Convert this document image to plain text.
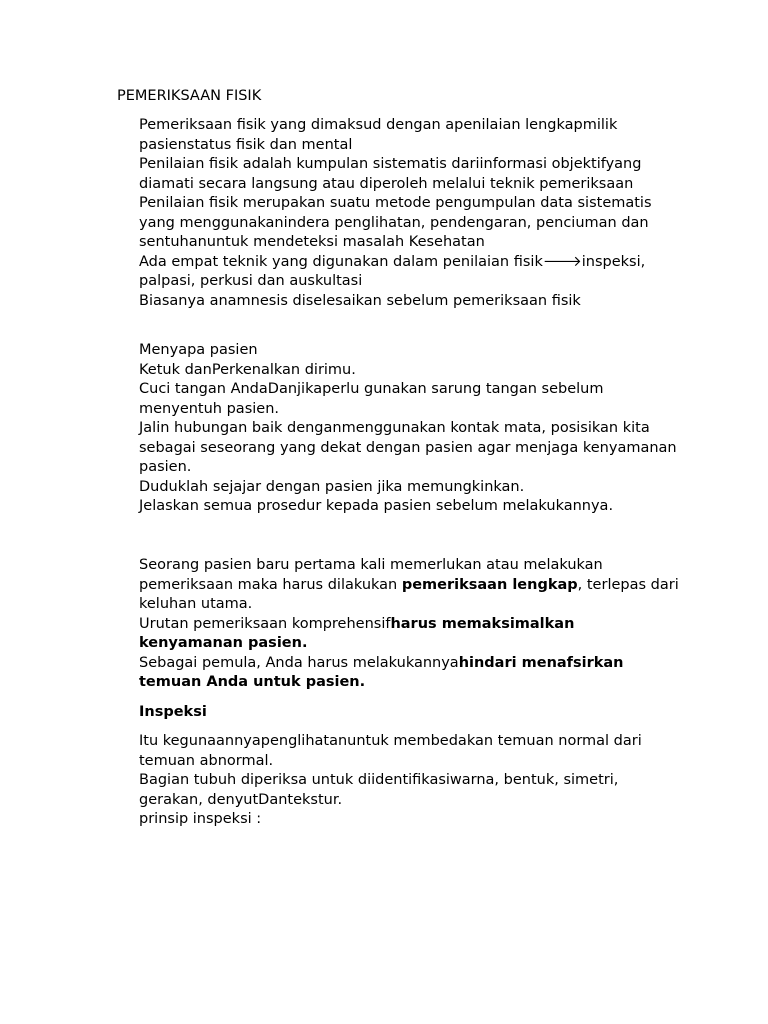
PEMERIKSAAN FISIK
Pemeriksaan fisik yang dimaksud dengan apenilaian lengkapmilik pasienstatus fisik dan mental
Penilaian fisik adalah kumpulan sistematis dariinformasi objektifyang diamati secara langsung atau diperoleh melalui teknik pemeriksaan
Penilaian fisik merupakan suatu metode pengumpulan data sistematis yang menggunakanindera penglihatan, pendengaran, penciuman dan sentuhanuntuk mendeteksi masalah Kesehatan
Ada empat teknik yang digunakan dalam penilaian fisik🡒inspeksi, palpasi, perkusi dan auskultasi
Biasanya anamnesis diselesaikan sebelum pemeriksaan fisik
Menyapa pasien
Ketuk danPerkenalkan dirimu.
Cuci tangan AndaDanjikaperlu gunakan sarung tangan sebelum menyentuh pasien.
Jalin hubungan baik denganmenggunakan kontak mata, posisikan kita sebagai seseorang yang dekat dengan pasien agar menjaga kenyamanan pasien.
Duduklah sejajar dengan pasien jika memungkinkan.
Jelaskan semua prosedur kepada pasien sebelum melakukannya.
Seorang pasien baru pertama kali memerlukan atau melakukan pemeriksaan maka harus dilakukan pemeriksaan lengkap, terlepas dari keluhan utama.
Urutan pemeriksaan komprehensifharus memaksimalkan kenyamanan pasien.
Sebagai pemula, Anda harus melakukannyahindari menafsirkan temuan Anda untuk pasien.
Inspeksi
Itu kegunaannyapenglihatanuntuk membedakan temuan normal dari temuan abnormal.
Bagian tubuh diperiksa untuk diidentifikasiwarna, bentuk, simetri, gerakan, denyutDantekstur.
prinsip inspeksi :
